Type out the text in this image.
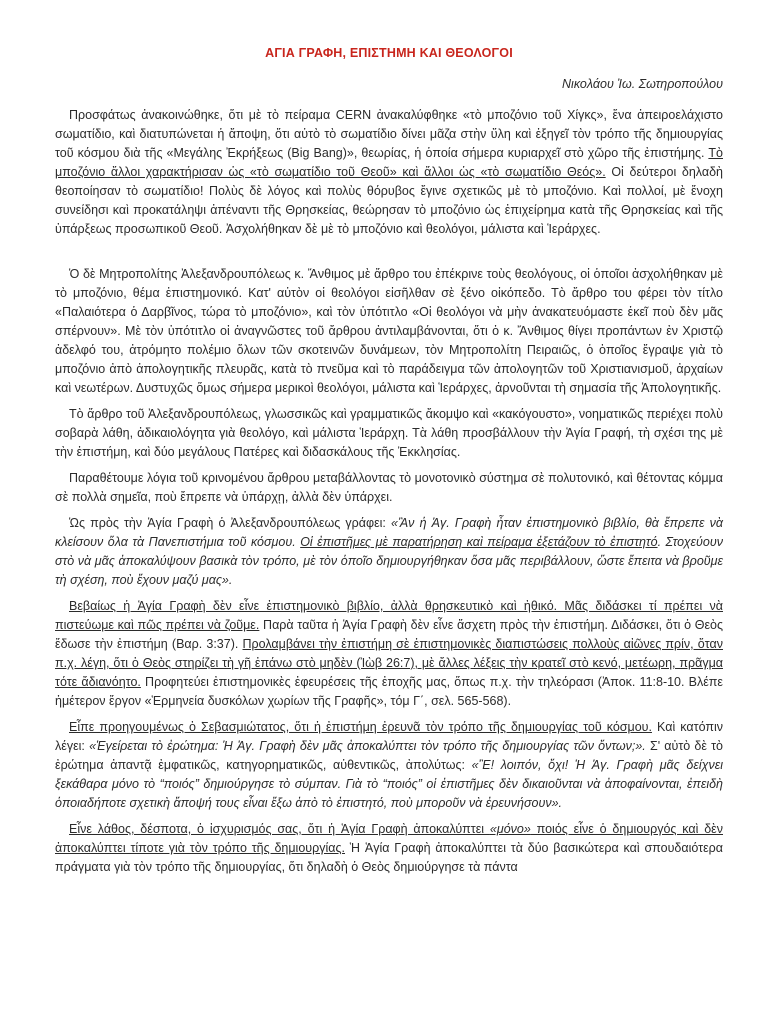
ΑΓΙΑ ΓΡΑΦΗ, ΕΠΙΣΤΗΜΗ ΚΑΙ ΘΕΟΛΟΓΟΙ
Νικολάου Ἰω. Σωτηροπούλου

Προσφάτως ἀνακοινώθηκε, ὅτι μὲ τὸ πείραμα CERN ἀνακαλύφθηκε «τὸ μποζόνιο τοῦ Χίγκς», ἕνα ἀπειροελάχιστο σωματίδιο, καὶ διατυπώνεται ἡ ἄποψη, ὅτι αὐτὸ τὸ σωματίδιο δίνει μᾶζα στὴν ὕλη καὶ ἐξηγεῖ τὸν τρόπο τῆς δημιουργίας τοῦ κόσμου διὰ τῆς «Μεγάλης Ἐκρήξεως (Big Bang)», θεωρίας, ἡ ὁποία σήμερα κυριαρχεῖ στὸ χῶρο τῆς ἐπιστήμης. Τὸ μποζόνιο ἄλλοι χαρακτήρισαν ὡς «τὸ σωματίδιο τοῦ Θεοῦ» καὶ ἄλλοι ὡς «τὸ σωματίδιο Θεός». Οἱ δεύτεροι δηλαδὴ θεοποίησαν τὸ σωματίδιο! Πολὺς δὲ λόγος καὶ πολὺς θόρυβος ἔγινε σχετικῶς μὲ τὸ μποζόνιο. Καὶ πολλοί, μὲ ἔνοχη συνείδησι καὶ προκατάληψι ἀπέναντι τῆς Θρησκείας, θεώρησαν τὸ μποζόνιο ὡς ἐπιχείρημα κατὰ τῆς Θρησκείας καὶ τῆς ὑπάρξεως προσωπικοῦ Θεοῦ. Ἀσχολήθηκαν δὲ μὲ τὸ μποζόνιο καὶ θεολόγοι, μάλιστα καὶ Ἱεράρχες.

Ὁ δὲ Μητροπολίτης Ἀλεξανδρουπόλεως κ. Ἄνθιμος μὲ ἄρθρο του ἐπέκρινε τοὺς θεολόγους, οἱ ὁποῖοι ἀσχολήθηκαν μὲ τὸ μποζόνιο, θέμα ἐπιστημονικό. Κατ' αὐτὸν οἱ θεολόγοι εἰσῆλθαν σὲ ξένο οἰκόπεδο. Τὸ ἄρθρο του φέρει τὸν τίτλο «Παλαιότερα ὁ Δαρβῖνος, τώρα τὸ μποζόνιο», καὶ τὸν ὑπότιτλο «Οἱ θεολόγοι νὰ μὴν ἀνακατευόμαστε ἐκεῖ ποὺ δὲν μᾶς σπέρνουν». Μὲ τὸν ὑπότιτλο οἱ ἀναγνῶστες τοῦ ἄρθρου ἀντιλαμβάνονται, ὅτι ὁ κ. Ἄνθιμος θίγει προπάντων ἐν Χριστῷ ἀδελφό του, ἀτρόμητο πολέμιο ὅλων τῶν σκοτεινῶν δυνάμεων, τὸν Μητροπολίτη Πειραιῶς, ὁ ὁποῖος ἔγραψε γιὰ τὸ μποζόνιο ἀπὸ ἀπολογητικῆς πλευρᾶς, κατὰ τὸ πνεῦμα καὶ τὸ παράδειγμα τῶν ἀπολογητῶν τοῦ Χριστιανισμοῦ, ἀρχαίων καὶ νεωτέρων. Δυστυχῶς ὅμως σήμερα μερικοὶ θεολόγοι, μάλιστα καὶ Ἱεράρχες, ἀρνοῦνται τὴ σημασία τῆς Ἀπολογητικῆς.

Τὸ ἄρθρο τοῦ Ἀλεξανδρουπόλεως, γλωσσικῶς καὶ γραμματικῶς ἄκομψο καὶ «κακόγουστο», νοηματικῶς περιέχει πολὺ σοβαρὰ λάθη, ἀδικαιολόγητα γιὰ θεολόγο, καὶ μάλιστα Ἱεράρχη. Τὰ λάθη προσβάλλουν τὴν Ἁγία Γραφή, τὴ σχέσι της μὲ τὴν ἐπιστήμη, καὶ δύο μεγάλους Πατέρες καὶ διδασκάλους τῆς Ἐκκλησίας.

Παραθέτουμε λόγια τοῦ κρινομένου ἄρθρου μεταβάλλοντας τὸ μονοτονικὸ σύστημα σὲ πολυτονικό, καὶ θέτοντας κόμμα σὲ πολλὰ σημεῖα, ποὺ ἔπρεπε νὰ ὑπάρχῃ, ἀλλὰ δὲν ὑπάρχει.

Ὡς πρὸς τὴν Ἁγία Γραφὴ ὁ Ἀλεξανδρουπόλεως γράφει: «Ἂν ἡ Ἁγ. Γραφὴ ἦταν ἐπιστημονικὸ βιβλίο, θὰ ἔπρεπε νὰ κλείσουν ὅλα τὰ Πανεπιστήμια τοῦ κόσμου. Οἱ ἐπιστῆμες μὲ παρατήρηση καὶ πείραμα ἐξετάζουν τὸ ἐπιστητό. Στοχεύουν στὸ νὰ μᾶς ἀποκαλύψουν βασικὰ τὸν τρόπο, μὲ τὸν ὁποῖο δημιουργήθηκαν ὅσα μᾶς περιβάλλουν, ὥστε ἔπειτα νὰ βροῦμε τὴ σχέση, ποὺ ἔχουν μαζύ μας».

Βεβαίως ἡ Ἁγία Γραφὴ δὲν εἶνε ἐπιστημονικὸ βιβλίο, ἀλλὰ θρησκευτικὸ καὶ ἠθικό. Μᾶς διδάσκει τί πρέπει νὰ πιστεύωμε καὶ πῶς πρέπει νὰ ζοῦμε. Παρὰ ταῦτα ἡ Ἁγία Γραφὴ δὲν εἶνε ἄσχετη πρὸς τὴν ἐπιστήμη. Διδάσκει, ὅτι ὁ Θεὸς ἔδωσε τὴν ἐπιστήμη (Βαρ. 3:37). Προλαμβάνει τὴν ἐπιστήμη σὲ ἐπιστημονικὲς διαπιστώσεις πολλοὺς αἰῶνες πρίν, ὅταν π.χ. λέγη, ὅτι ὁ Θεὸς στηρίζει τὴ γῆ ἐπάνω στὸ μηδὲν (Ἰὼβ 26:7), μὲ ἄλλες λέξεις τὴν κρατεῖ στὸ κενό, μετέωρη, πρᾶγμα τότε ἄδιανόητο. Προφητεύει ἐπιστημονικὲς ἐφευρέσεις τῆς ἐποχῆς μας, ὅπως π.χ. τὴν τηλεόρασι (Ἀποκ. 11:8-10. Βλέπε ἡμέτερον ἔργον «Ἑρμηνεία δυσκόλων χωρίων τῆς Γραφῆς», τόμ Γ΄, σελ. 565-568).

Εἶπε προηγουμένως ὁ Σεβασμιώτατος, ὅτι ἡ ἐπιστήμη ἐρευνᾶ τὸν τρόπο τῆς δημιουργίας τοῦ κόσμου. Καὶ κατόπιν λέγει: «Ἐγείρεται τὸ ἐρώτημα: Ἡ Ἁγ. Γραφὴ δὲν μᾶς ἀποκαλύπτει τὸν τρόπο τῆς δημιουργίας τῶν ὄντων;». Σ' αὐτὸ δὲ τὸ ἐρώτημα ἀπαντᾷ ἐμφατικῶς, κατηγορηματικῶς, αὐθεντικῶς, ἀπολύτως: «Ἒ! λοιπόν, ὄχι! Ἡ Ἁγ. Γραφὴ μᾶς δείχνει ξεκάθαρα μόνο τὸ “ποιός” δημιούργησε τὸ σύμπαν. Γιὰ τὸ “ποιός” οἱ ἐπιστῆμες δὲν δικαιοῦνται νὰ ἀποφαίνονται, ἐπειδὴ ὁποιαδήποτε σχετικὴ ἄποψή τους εἶναι ἔξω ἀπὸ τὸ ἐπιστητό, ποὺ μποροῦν νὰ ἐρευνήσουν».

Εἶνε λάθος, δέσποτα, ὁ ἰσχυρισμός σας, ὅτι ἡ Ἁγία Γραφὴ ἀποκαλύπτει «μόνο» ποιός εἶνε ὁ δημιουργός καὶ δὲν ἀποκαλύπτει τίποτε γιὰ τὸν τρόπο τῆς δημιουργίας. Ἡ Ἁγία Γραφὴ ἀποκαλύπτει τὰ δύο βασικώτερα καὶ σπουδαιότερα πράγματα γιὰ τὸν τρόπο τῆς δημιουργίας, ὅτι δηλαδὴ ὁ Θεὸς δημιούργησε τὰ πάντα
